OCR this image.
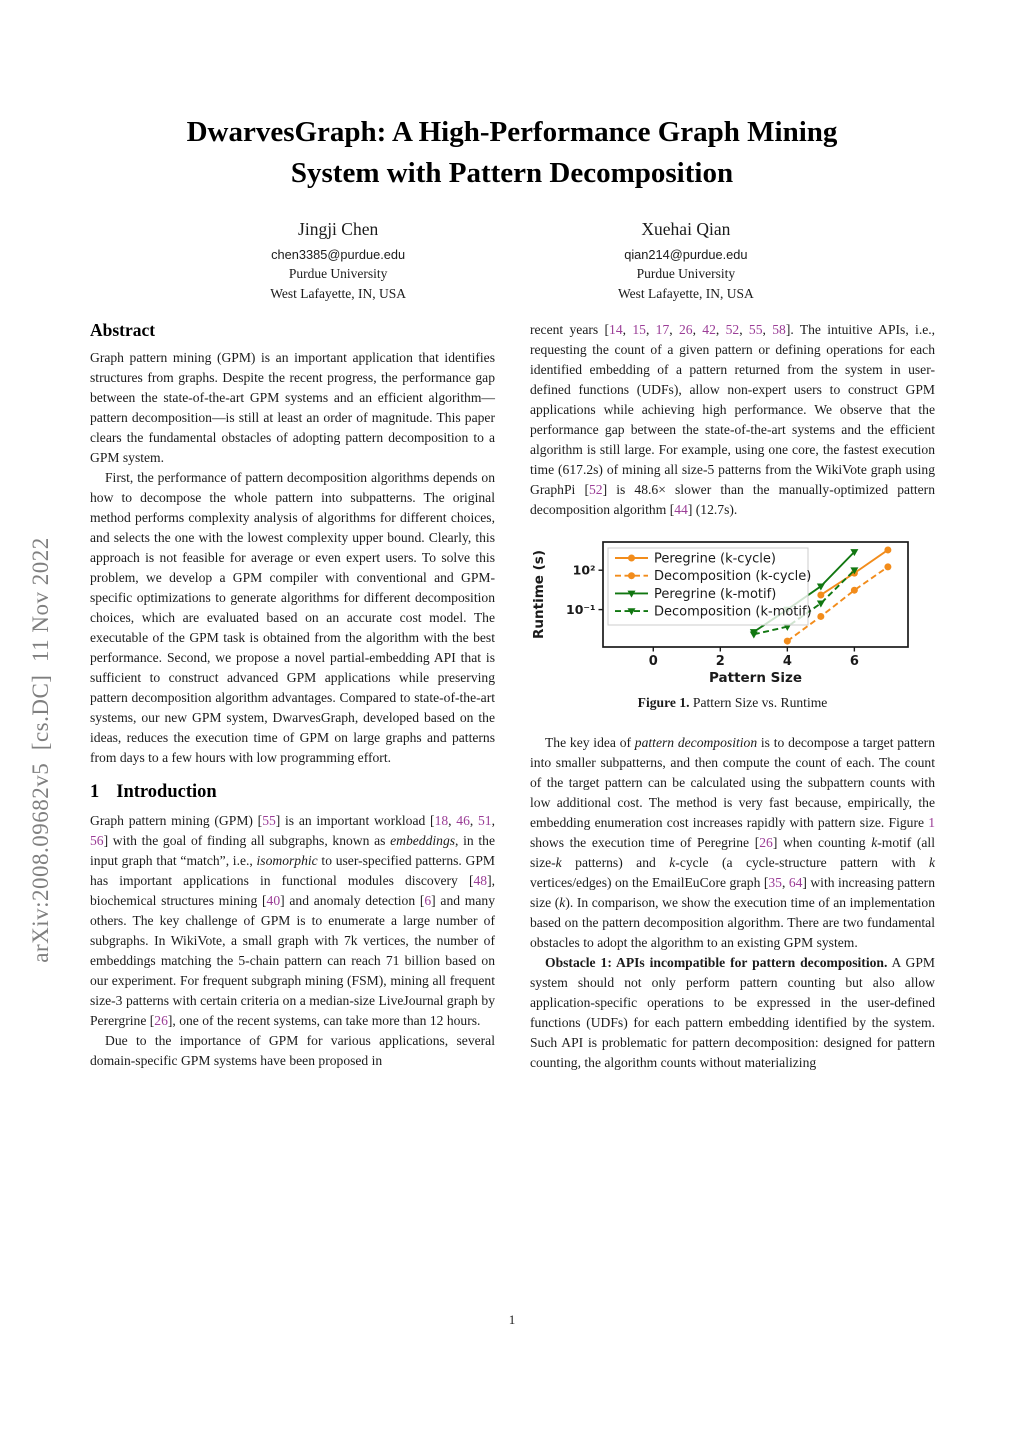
arXiv:2008.09682v5  [cs.DC]  11 Nov 2022
DwarvesGraph: A High-Performance Graph Mining
System with Pattern Decomposition
Jingji Chen
chen3385@purdue.edu
Purdue University
West Lafayette, IN, USA
Xuehai Qian
qian214@purdue.edu
Purdue University
West Lafayette, IN, USA
Abstract

Graph pattern mining (GPM) is an important application that identifies structures from graphs. Despite the recent progress, the performance gap between the state-of-the-art GPM systems and an efficient algorithm—pattern decomposition—is still at least an order of magnitude. This paper clears the fundamental obstacles of adopting pattern decomposition to a GPM system.

First, the performance of pattern decomposition algorithms depends on how to decompose the whole pattern into subpatterns. The original method performs complexity analysis of algorithms for different choices, and selects the one with the lowest complexity upper bound. Clearly, this approach is not feasible for average or even expert users. To solve this problem, we develop a GPM compiler with conventional and GPM-specific optimizations to generate algorithms for different decomposition choices, which are evaluated based on an accurate cost model. The executable of the GPM task is obtained from the algorithm with the best performance. Second, we propose a novel partial-embedding API that is sufficient to construct advanced GPM applications while preserving pattern decomposition algorithm advantages. Compared to state-of-the-art systems, our new GPM system, DwarvesGraph, developed based on the ideas, reduces the execution time of GPM on large graphs and patterns from days to a few hours with low programming effort.

1 Introduction

Graph pattern mining (GPM) [55] is an important workload [18, 46, 51, 56] with the goal of finding all subgraphs, known as embeddings, in the input graph that “match”, i.e., isomorphic to user-specified patterns. GPM has important applications in functional modules discovery [48], biochemical structures mining [40] and anomaly detection [6] and many others. The key challenge of GPM is to enumerate a large number of subgraphs. In WikiVote, a small graph with 7k vertices, the number of embeddings matching the 5-chain pattern can reach 71 billion based on our experiment. For frequent subgraph mining (FSM), mining all frequent size-3 patterns with certain criteria on a median-size LiveJournal graph by Perergrine [26], one of the recent systems, can take more than 12 hours.

Due to the importance of GPM for various applications, several domain-specific GPM systems have been proposed in

recent years [14, 15, 17, 26, 42, 52, 55, 58]. The intuitive APIs, i.e., requesting the count of a given pattern or defining operations for each identified embedding of a pattern returned from the system in user-defined functions (UDFs), allow non-expert users to construct GPM applications while achieving high performance. We observe that the performance gap between the state-of-the-art systems and the efficient algorithm is still large. For example, using one core, the fastest execution time (617.2s) of mining all size-5 patterns from the WikiVote graph using GraphPi [52] is 48.6× slower than the manually-optimized pattern decomposition algorithm [44] (12.7s).

0	2	4	6
10²
10⁻¹
Pattern Size
Runtime (s)	Peregrine (k-cycle)
Decomposition (k-cycle)
Peregrine (k-motif)
Decomposition (k-motif)
Figure 1. Pattern Size vs. Runtime

The key idea of pattern decomposition is to decompose a target pattern into smaller subpatterns, and then compute the count of each. The count of the target pattern can be calculated using the subpattern counts with low additional cost. The method is very fast because, empirically, the embedding enumeration cost increases rapidly with pattern size. Figure 1 shows the execution time of Peregrine [26] when counting k-motif (all size-k patterns) and k-cycle (a cycle-structure pattern with k vertices/edges) on the EmailEuCore graph [35, 64] with increasing pattern size (k). In comparison, we show the execution time of an implementation based on the pattern decomposition algorithm. There are two fundamental obstacles to adopt the algorithm to an existing GPM system.

Obstacle 1: APIs incompatible for pattern decomposition. A GPM system should not only perform pattern counting but also allow application-specific operations to be expressed in the user-defined functions (UDFs) for each pattern embedding identified by the system. Such API is problematic for pattern decomposition: designed for pattern counting, the algorithm counts without materializing

1
